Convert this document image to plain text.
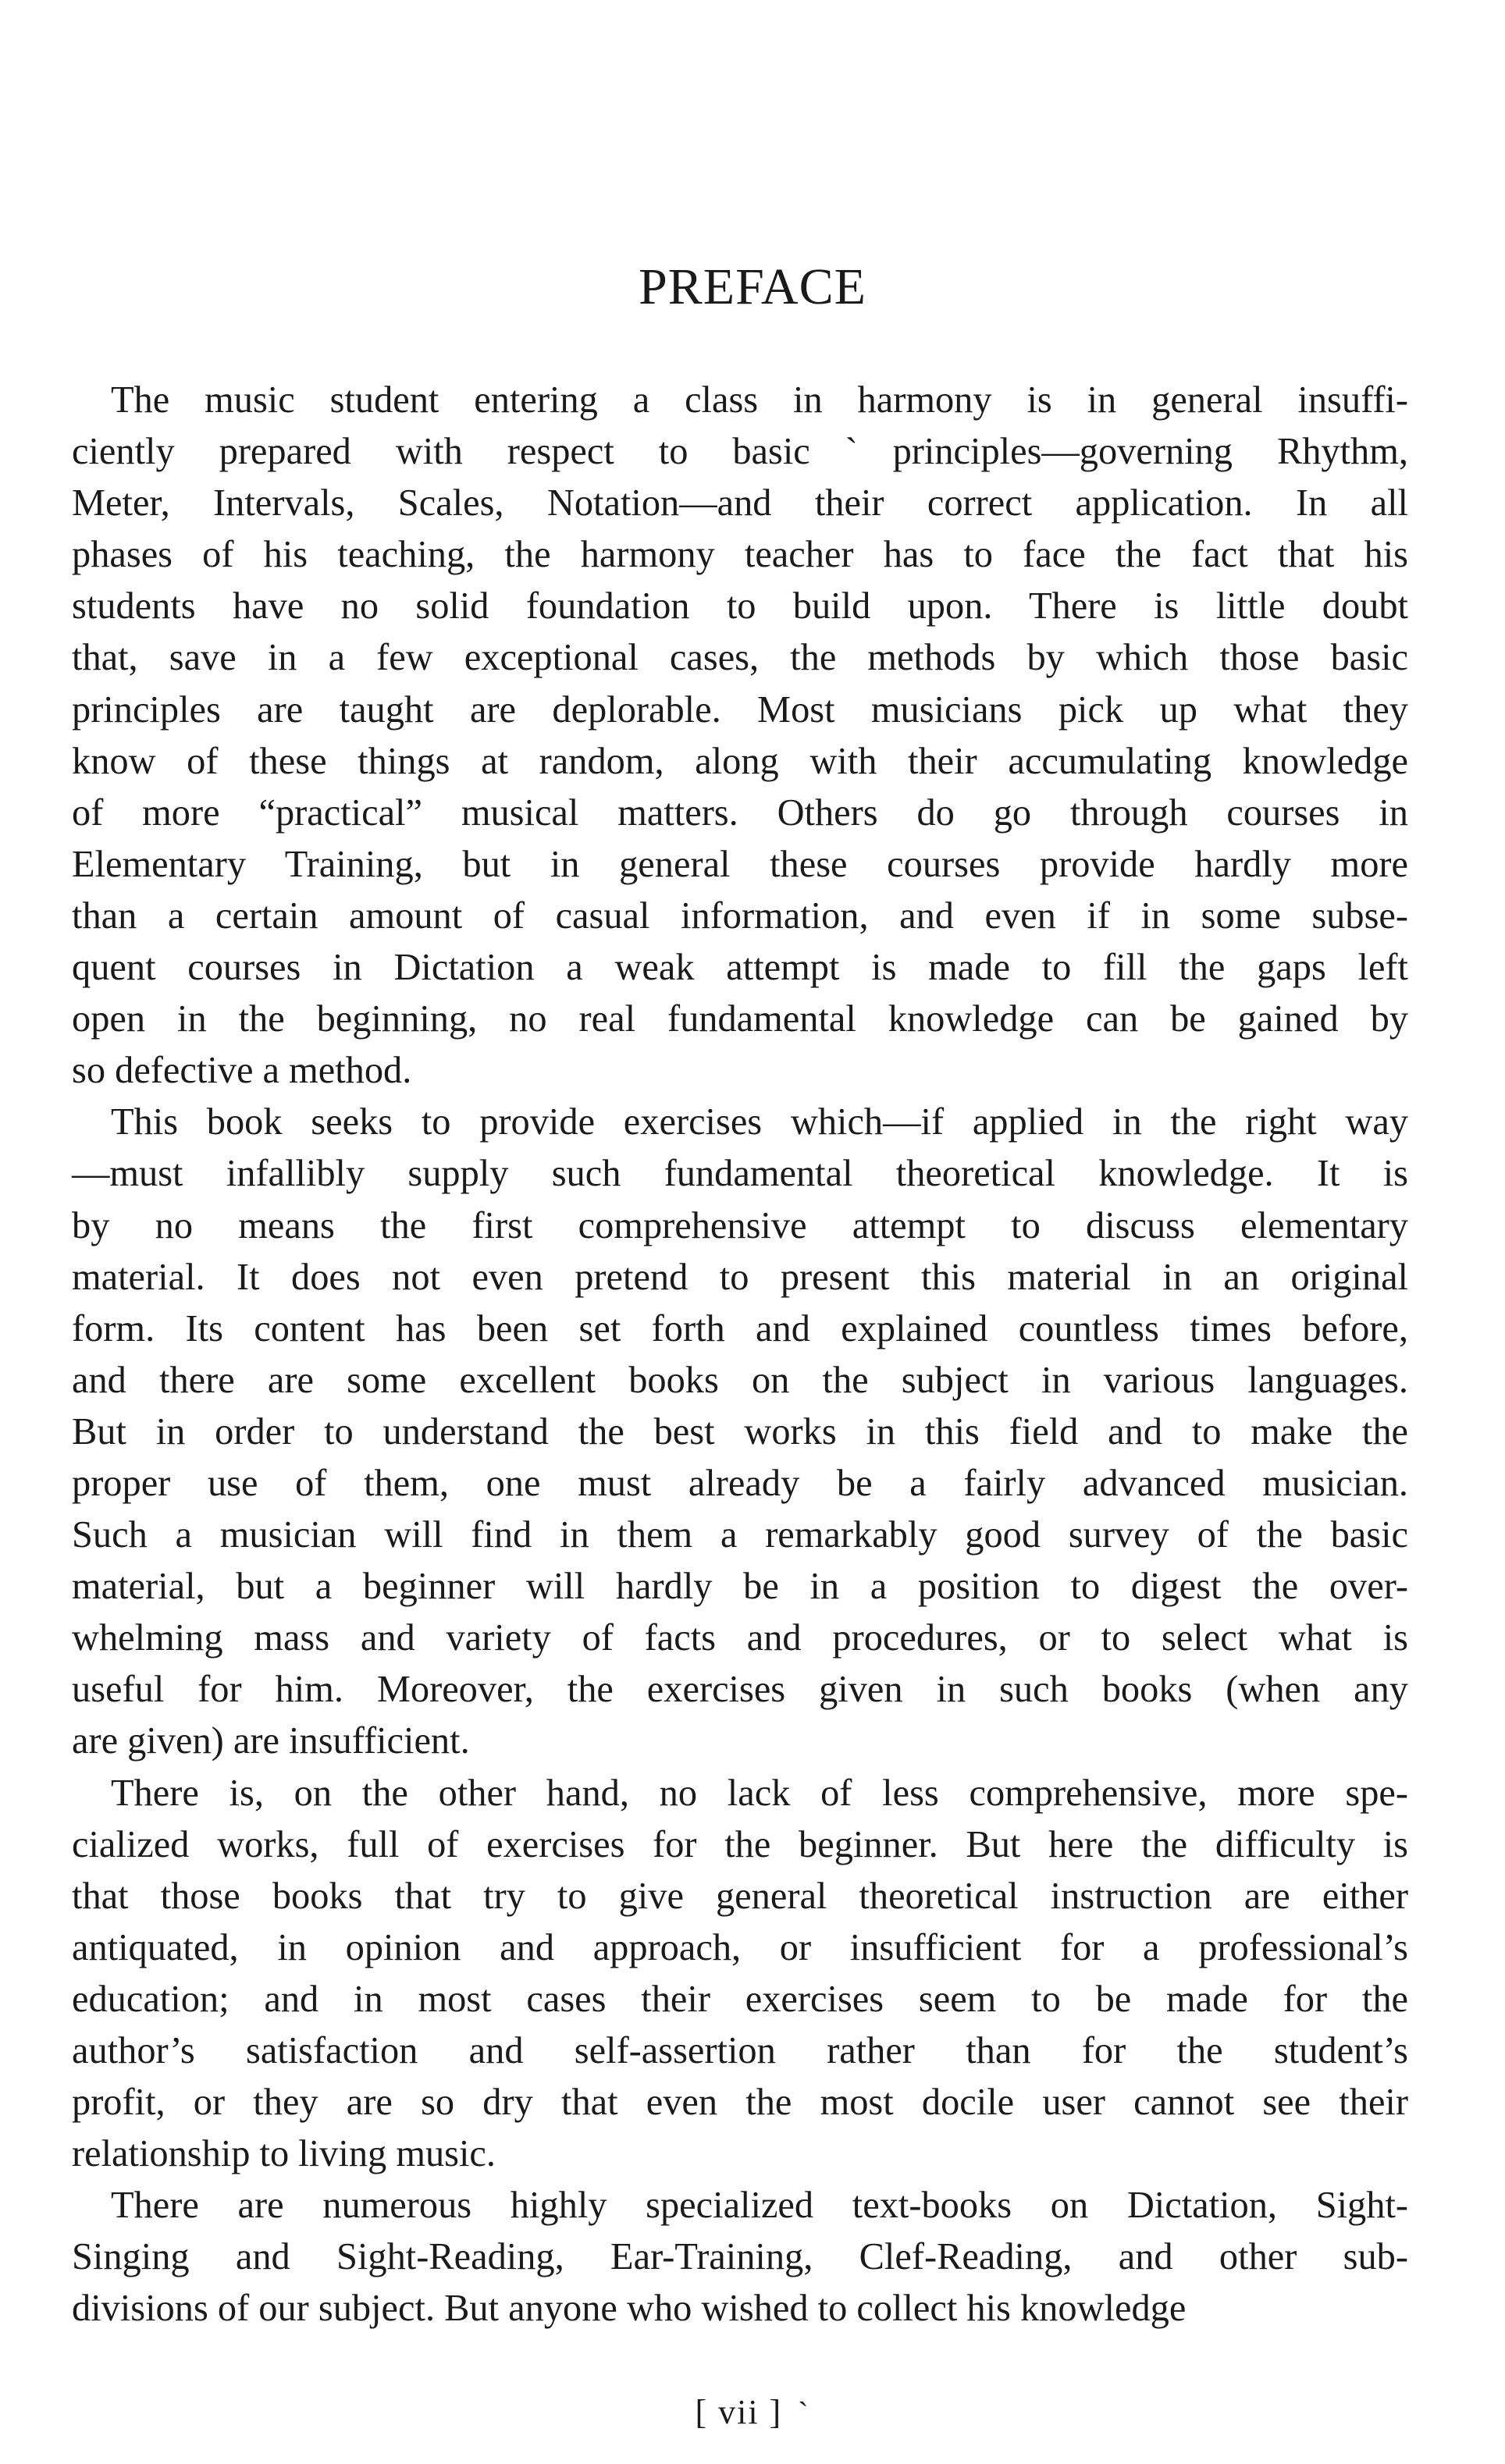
PREFACE
The music student entering a class in harmony is in general insuffi-
ciently prepared with respect to basicˋprinciples—governing Rhythm,
Meter, Intervals, Scales, Notation—and their correct application. In all
phases of his teaching, the harmony teacher has to face the fact that his
students have no solid foundation to build upon. There is little doubt
that, save in a few exceptional cases, the methods by which those basic
principles are taught are deplorable. Most musicians pick up what they
know of these things at random, along with their accumulating knowledge
of more “practical” musical matters. Others do go through courses in
Elementary Training, but in general these courses provide hardly more
than a certain amount of casual information, and even if in some subse-
quent courses in Dictation a weak attempt is made to fill the gaps left
open in the beginning, no real fundamental knowledge can be gained by
so defective a method.
This book seeks to provide exercises which—if applied in the right way
—must infallibly supply such fundamental theoretical knowledge. It is
by no means the first comprehensive attempt to discuss elementary
material. It does not even pretend to present this material in an original
form. Its content has been set forth and explained countless times before,
and there are some excellent books on the subject in various languages.
But in order to understand the best works in this field and to make the
proper use of them, one must already be a fairly advanced musician.
Such a musician will find in them a remarkably good survey of the basic
material, but a beginner will hardly be in a position to digest the over-
whelming mass and variety of facts and procedures, or to select what is
useful for him. Moreover, the exercises given in such books (when any
are given) are insufficient.
There is, on the other hand, no lack of less comprehensive, more spe-
cialized works, full of exercises for the beginner. But here the difficulty is
that those books that try to give general theoretical instruction are either
antiquated, in opinion and approach, or insufficient for a professional’s
education; and in most cases their exercises seem to be made for the
author’s satisfaction and self-assertion rather than for the student’s
profit, or they are so dry that even the most docile user cannot see their
relationship to living music.
There are numerous highly specialized text-books on Dictation, Sight-
Singing and Sight-Reading, Ear-Training, Clef-Reading, and other sub-
divisions of our subject. But anyone who wished to collect his knowledge
[ vii ] `
